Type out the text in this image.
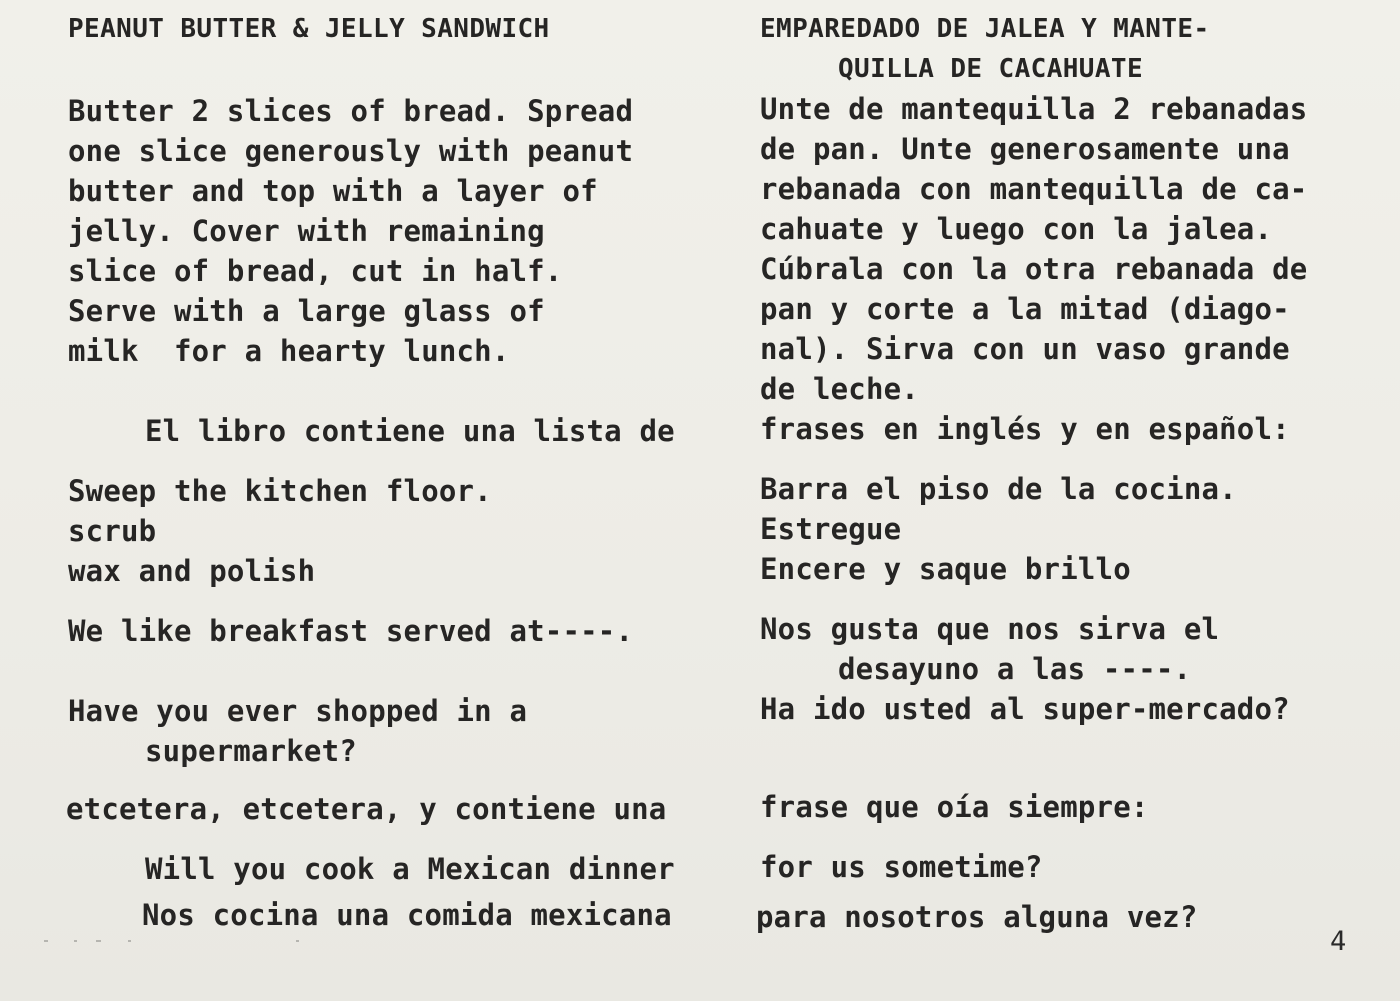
PEANUT BUTTER & JELLY SANDWICH	EMPAREDADO DE JALEA Y MANTE-
QUILLA DE CACAHUATE
Butter 2 slices of bread. Spread
one slice generously with peanut
butter and top with a layer of
jelly. Cover with remaining
slice of bread, cut in half.
Serve with a large glass of
milk  for a hearty lunch.
Unte de mantequilla 2 rebanadas
de pan. Unte generosamente una
rebanada con mantequilla de ca-
cahuate y luego con la jalea.
Cúbrala con la otra rebanada de
pan y corte a la mitad (diago-
nal). Sirva con un vaso grande
de leche.
El libro contiene una lista de	frases en inglés y en español:
Sweep the kitchen floor.	Barra el piso de la cocina.
scrub	Estregue
wax and polish	Encere y saque brillo
We like breakfast served at----.	Nos gusta que nos sirva el
desayuno a las ----.
Have you ever shopped in a	Ha ido usted al super-mercado?
supermarket?
etcetera, etcetera, y contiene una	frase que oía siempre:
Will you cook a Mexican dinner	for us sometime?
Nos cocina una comida mexicana	para nosotros alguna vez?
4
